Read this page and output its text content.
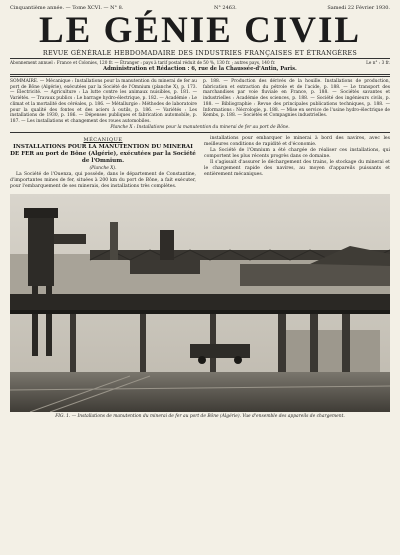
Cinquantième année. — Tome XCVI. — N° 8.	N° 2463.	Samedi 22 Février 1930.
LE GÉNIE CIVIL
REVUE GÉNÉRALE HEBDOMADAIRE DES INDUSTRIES FRANÇAISES ET ÉTRANGÈRES
Abonnement annuel : France et Colonies, 120 fr. — Étranger : pays à tarif postal réduit de 50 %, 130 fr. ; autres pays, 140 fr.	Le n° : 3 fr.
Administration et Rédaction : 6, rue de la Chaussée-d'Antin, Paris.
SOMMAIRE. — Mécanique : Installations pour la manutention du minerai de fer au port de Bône (Algérie), exécutées par la Société de l'Omnium (planche X), p. 173. — Électricité. — Agriculture : La lutte contre les animaux nuisibles, p. 181. — Variétés. — Travaux publics : Le barrage hydro-électrique, p. 182. — Académie : Le climat et la mortalité des céréales, p. 186. — Métallurgie : Méthodes de laboratoire pour la qualité des fontes et des aciers à outils, p. 186. — Variétés : Les installations de 1930, p. 186. — Dépenses publiques et fabrication automobile, p. 187. — Les installations et changement des roues automobiles.
p. 188. — Production des dérivés de la houille. Installations de production, fabrication et extraction du pétrole et de l'acide, p. 188. — Le transport des marchandises par voie fluviale en France, p. 188. — Sociétés savantes et industrielles : Académie des sciences, p. 188. — Société des ingénieurs civils, p. 188. — Bibliographie : Revue des principales publications techniques, p. 188. — Informations : Nécrologie, p. 188. — Mise en service de l'usine hydro-électrique de Kembs, p. 188. — Sociétés et Compagnies industrielles.
Planche X : Installations pour la manutention du minerai de fer au port de Bône.
MÉCANIQUE
INSTALLATIONS POUR LA MANUTENTION DU MINERAI DE FER au port de Bône (Algérie), exécutées par la Société de l'Omnium.
(Planche X).
La Société de l'Ouenza, qui possède, dans le département de Constantine, d'importantes mines de fer, situées à 200 km du port de Bône, a fait exécuter, pour l'embarquement de ses minerais, des installations très complètes.
installations pour embarquer le minerai à bord des navires, avec les meilleures conditions de rapidité et d'économie.
La Société de l'Omnium a été chargée de réaliser ces installations, qui comportent les plus récents progrès dans ce domaine.
Il s'agissait d'assurer le déchargement des trains, le stockage du minerai et le chargement rapide des navires, au moyen d'appareils puissants et entièrement mécaniques.
FIG. 1. — Installations de manutention du minerai de fer au port de Bône (Algérie). Vue d'ensemble des appareils de chargement.
